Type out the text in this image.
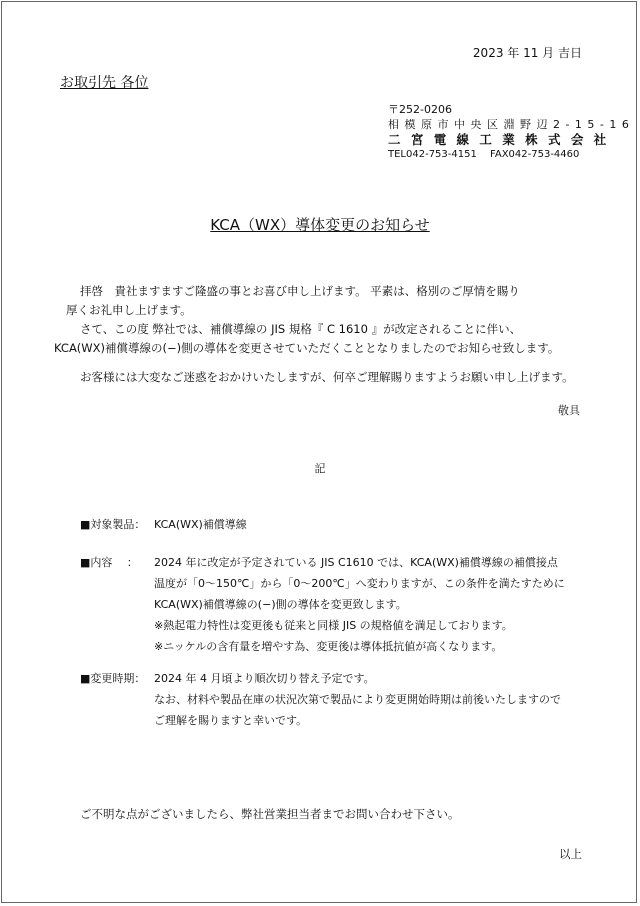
2023 年 11 月 吉日
お取引先 各位
〒252-0206
相 模 原 市 中 央 区 淵 野 辺 2 - 1 5 - 1 6
二 宮 電 線 工 業 株 式 会 社
TEL042-753-4151　 FAX042-753-4460
KCA（WX）導体変更のお知らせ
拝啓　貴社ますますご隆盛の事とお喜び申し上げます。 平素は、格別のご厚情を賜り
厚くお礼申し上げます。
さて、この度 弊社では、補償導線の JIS 規格『 C 1610 』が改定されることに伴い、
KCA(WX)補償導線の(−)側の導体を変更させていただくこととなりましたのでお知らせ致します。
お客様には大変なご迷惑をおかけいたしますが、何卒ご理解賜りますようお願い申し上げます。
敬具
記
■対象製品： KCA(WX)補償導線
■内容　 ：	2024 年に改定が予定されている JIS C1610 では、KCA(WX)補償導線の補償接点
温度が「0～150℃」から「0～200℃」へ変わりますが、この条件を満たすために
KCA(WX)補償導線の(−)側の導体を変更致します。
※熱起電力特性は変更後も従来と同様 JIS の規格値を満足しております。
※ニッケルの含有量を増やす為、変更後は導体抵抗値が高くなります。
■変更時期： 2024 年 4 月頃より順次切り替え予定です。
なお、材料や製品在庫の状況次第で製品により変更開始時期は前後いたしますので
ご理解を賜りますと幸いです。
ご不明な点がございましたら、弊社営業担当者までお問い合わせ下さい。
以上
